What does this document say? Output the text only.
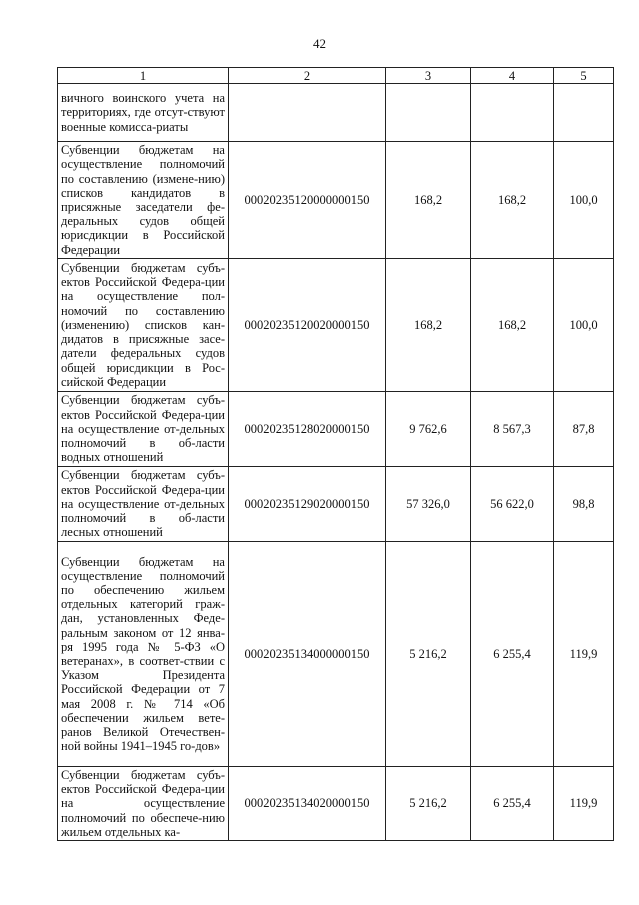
42
1	2	3	4	5
вичного воинского учета на территориях, где отсут-ствуют военные комисса-риаты				
Субвенции бюджетам на осуществление полномочий по составлению (измене-нию) списков кандидатов в присяжные заседатели фе-деральных судов общей юрисдикции в Российской Федерации	00020235120000000150	168,2	168,2	100,0
Субвенции бюджетам субъ-ектов Российской Федера-ции на осуществление пол-номочий по составлению (изменению) списков кан-дидатов в присяжные засе-датели федеральных судов общей юрисдикции в Рос-сийской Федерации	00020235120020000150	168,2	168,2	100,0
Субвенции бюджетам субъ-ектов Российской Федера-ции на осуществление от-дельных полномочий в об-ласти водных отношений	00020235128020000150	9 762,6	8 567,3	87,8
Субвенции бюджетам субъ-ектов Российской Федера-ции на осуществление от-дельных полномочий в об-ласти лесных отношений	00020235129020000150	57 326,0	56 622,0	98,8
Субвенции бюджетам на осуществление полномочий по обеспечению жильем отдельных категорий граж-дан, установленных Феде-ральным законом от 12 янва-ря 1995 года № 5-ФЗ «О ветеранах», в соответ-ствии с Указом Президента Российской Федерации от 7 мая 2008 г. № 714 «Об обеспечении жильем вете-ранов Великой Отечествен-ной войны 1941–1945 го-дов»	00020235134000000150	5 216,2	6 255,4	119,9
Субвенции бюджетам субъ-ектов Российской Федера-ции на осуществление полномочий по обеспече-нию жильем отдельных ка-	00020235134020000150	5 216,2	6 255,4	119,9
